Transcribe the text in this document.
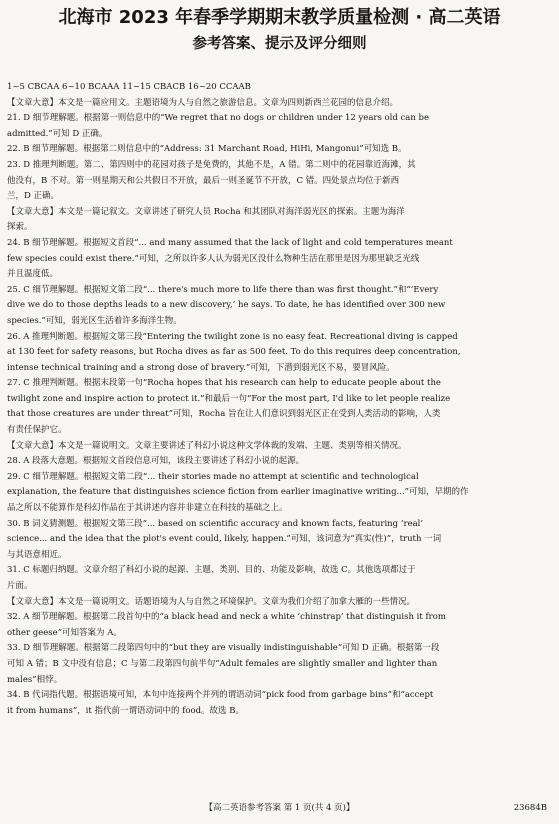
北海市 2023 年春季学期期末教学质量检测 · 高二英语
参考答案、提示及评分细则

1~5 CBCAA 6~10 BCAAA 11~15 CBACB 16~20 CCAAB

【文章大意】本文是一篇应用文。主题语境为人与自然之旅游信息。文章为四则新西兰花园的信息介绍。

21. D 细节理解题。根据第一则信息中的“We regret that no dogs or children under 12 years old can be

admitted.”可知 D 正确。

22. B 细节理解题。根据第二则信息中的“Address: 31 Marchant Road, HiHi, Mangonui”可知选 B。

23. D 推理判断题。第二、第四则中的花园对孩子是免费的，其他不是，A 错。第二则中的花园靠近海滩，其

他没有，B 不对。第一则星期天和公共假日不开放，最后一则圣诞节不开放，C 错。四处景点均位于新西

兰，D 正确。

【文章大意】本文是一篇记叙文。文章讲述了研究人员 Rocha 和其团队对海洋弱光区的探索。主题为海洋

探索。

24. B 细节理解题。根据短文首段“... and many assumed that the lack of light and cold temperatures meant

few species could exist there.”可知，之所以许多人认为弱光区没什么物种生活在那里是因为那里缺乏光线

并且温度低。

25. C 细节理解题。根据短文第二段“... there's much more to life there than was first thought.”和“‘Every

dive we do to those depths leads to a new discovery,’ he says. To date, he has identified over 300 new

species.”可知，弱光区生活着许多海洋生物。

26. A 推理判断题。根据短文第三段“Entering the twilight zone is no easy feat. Recreational diving is capped

at 130 feet for safety reasons, but Rocha dives as far as 500 feet. To do this requires deep concentration,

intense technical training and a strong dose of bravery.”可知，下潜到弱光区不易，要冒风险。

27. C 推理判断题。根据末段第一句“Rocha hopes that his research can help to educate people about the

twilight zone and inspire action to protect it.”和最后一句“For the most part, I'd like to let people realize

that those creatures are under threat”可知，Rocha 旨在让人们意识到弱光区正在受到人类活动的影响，人类

有责任保护它。

【文章大意】本文是一篇说明文。文章主要讲述了科幻小说这种文学体裁的发端、主题、类别等相关情况。

28. A 段落大意题。根据短文首段信息可知，该段主要讲述了科幻小说的起源。

29. C 细节理解题。根据短文第二段“... their stories made no attempt at scientific and technological

explanation, the feature that distinguishes science fiction from earlier imaginative writing...”可知，早期的作

品之所以不能算作是科幻作品在于其讲述内容并非建立在科技的基础之上。

30. B 词义猜测题。根据短文第三段“... based on scientific accuracy and known facts, featuring ‘real’

science... and the idea that the plot's event could, likely, happen.”可知，该词意为“真实(性)”，truth 一词

与其语意相近。

31. C 标题归纳题。文章介绍了科幻小说的起源、主题、类别、目的、功能及影响，故选 C。其他选项都过于

片面。

【文章大意】本文是一篇说明文。话题语境为人与自然之环境保护。文章为我们介绍了加拿大雁的一些情况。

32. A 细节理解题。根据第二段首句中的“a black head and neck a white ‘chinstrap’ that distinguish it from

other geese”可知答案为 A。

33. D 细节理解题。根据第二段第四句中的“but they are visually indistinguishable”可知 D 正确。根据第一段

可知 A 错；B 文中没有信息；C 与第二段第四句前半句“Adult females are slightly smaller and lighter than

males”相悖。

34. B 代词指代题。根据语境可知，本句中连接两个并列的谓语动词“pick food from garbage bins”和“accept

it from humans”，it 指代前一谓语动词中的 food。故选 B。

【高二英语参考答案 第 1 页(共 4 页)】	23684B
